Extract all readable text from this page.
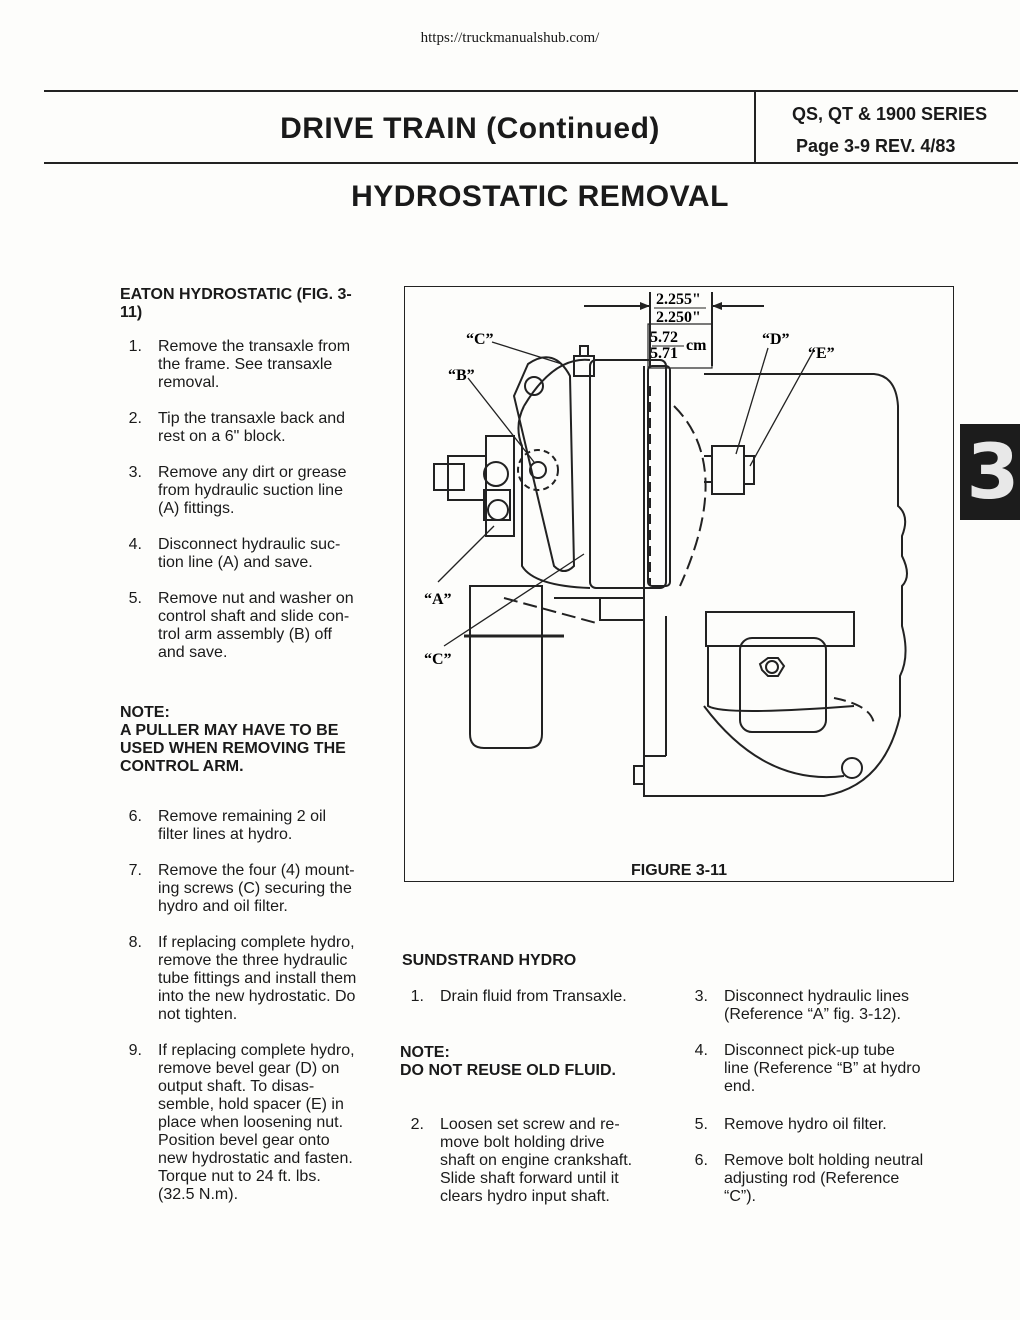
https://truckmanualshub.com/
DRIVE TRAIN (Continued)	QS, QT & 1900 SERIES
Page 3-9 REV. 4/83
HYDROSTATIC REMOVAL
3
EATON HYDROSTATIC (FIG. 3-
11)
1. Remove the transaxle from
the frame. See transaxle
removal.
2. Tip the transaxle back and
rest on a 6" block.
3. Remove any dirt or grease
from hydraulic suction line
(A) fittings.
4. Disconnect hydraulic suc-
tion line (A) and save.
5. Remove nut and washer on
control shaft and slide con-
trol arm assembly (B) off
and save.
NOTE:
A PULLER MAY HAVE TO BE
USED WHEN REMOVING THE
CONTROL ARM.
6. Remove remaining 2 oil
filter lines at hydro.
7. Remove the four (4) mount-
ing screws (C) securing the
hydro and oil filter.
8. If replacing complete hydro,
remove the three hydraulic
tube fittings and install them
into the new hydrostatic. Do
not tighten.
9. If replacing complete hydro,
remove bevel gear (D) on
output shaft. To disas-
semble, hold spacer (E) in
place when loosening nut.
Position bevel gear onto
new hydrostatic and fasten.
Torque nut to 24 ft. lbs.
(32.5 N.m).
2.255"
2.250"
5.72
5.71 cm
“C”
“B”
“D”
“E”
“A”
“C”
FIGURE 3-11
SUNDSTRAND HYDRO
1. Drain fluid from Transaxle.
NOTE:
DO NOT REUSE OLD FLUID.
2. Loosen set screw and re-
move bolt holding drive
shaft on engine crankshaft.
Slide shaft forward until it
clears hydro input shaft.
3. Disconnect hydraulic lines
(Reference “A” fig. 3-12).
4. Disconnect pick-up tube
line (Reference “B” at hydro
end.
5. Remove hydro oil filter.
6. Remove bolt holding neutral
adjusting rod (Reference
“C”).
